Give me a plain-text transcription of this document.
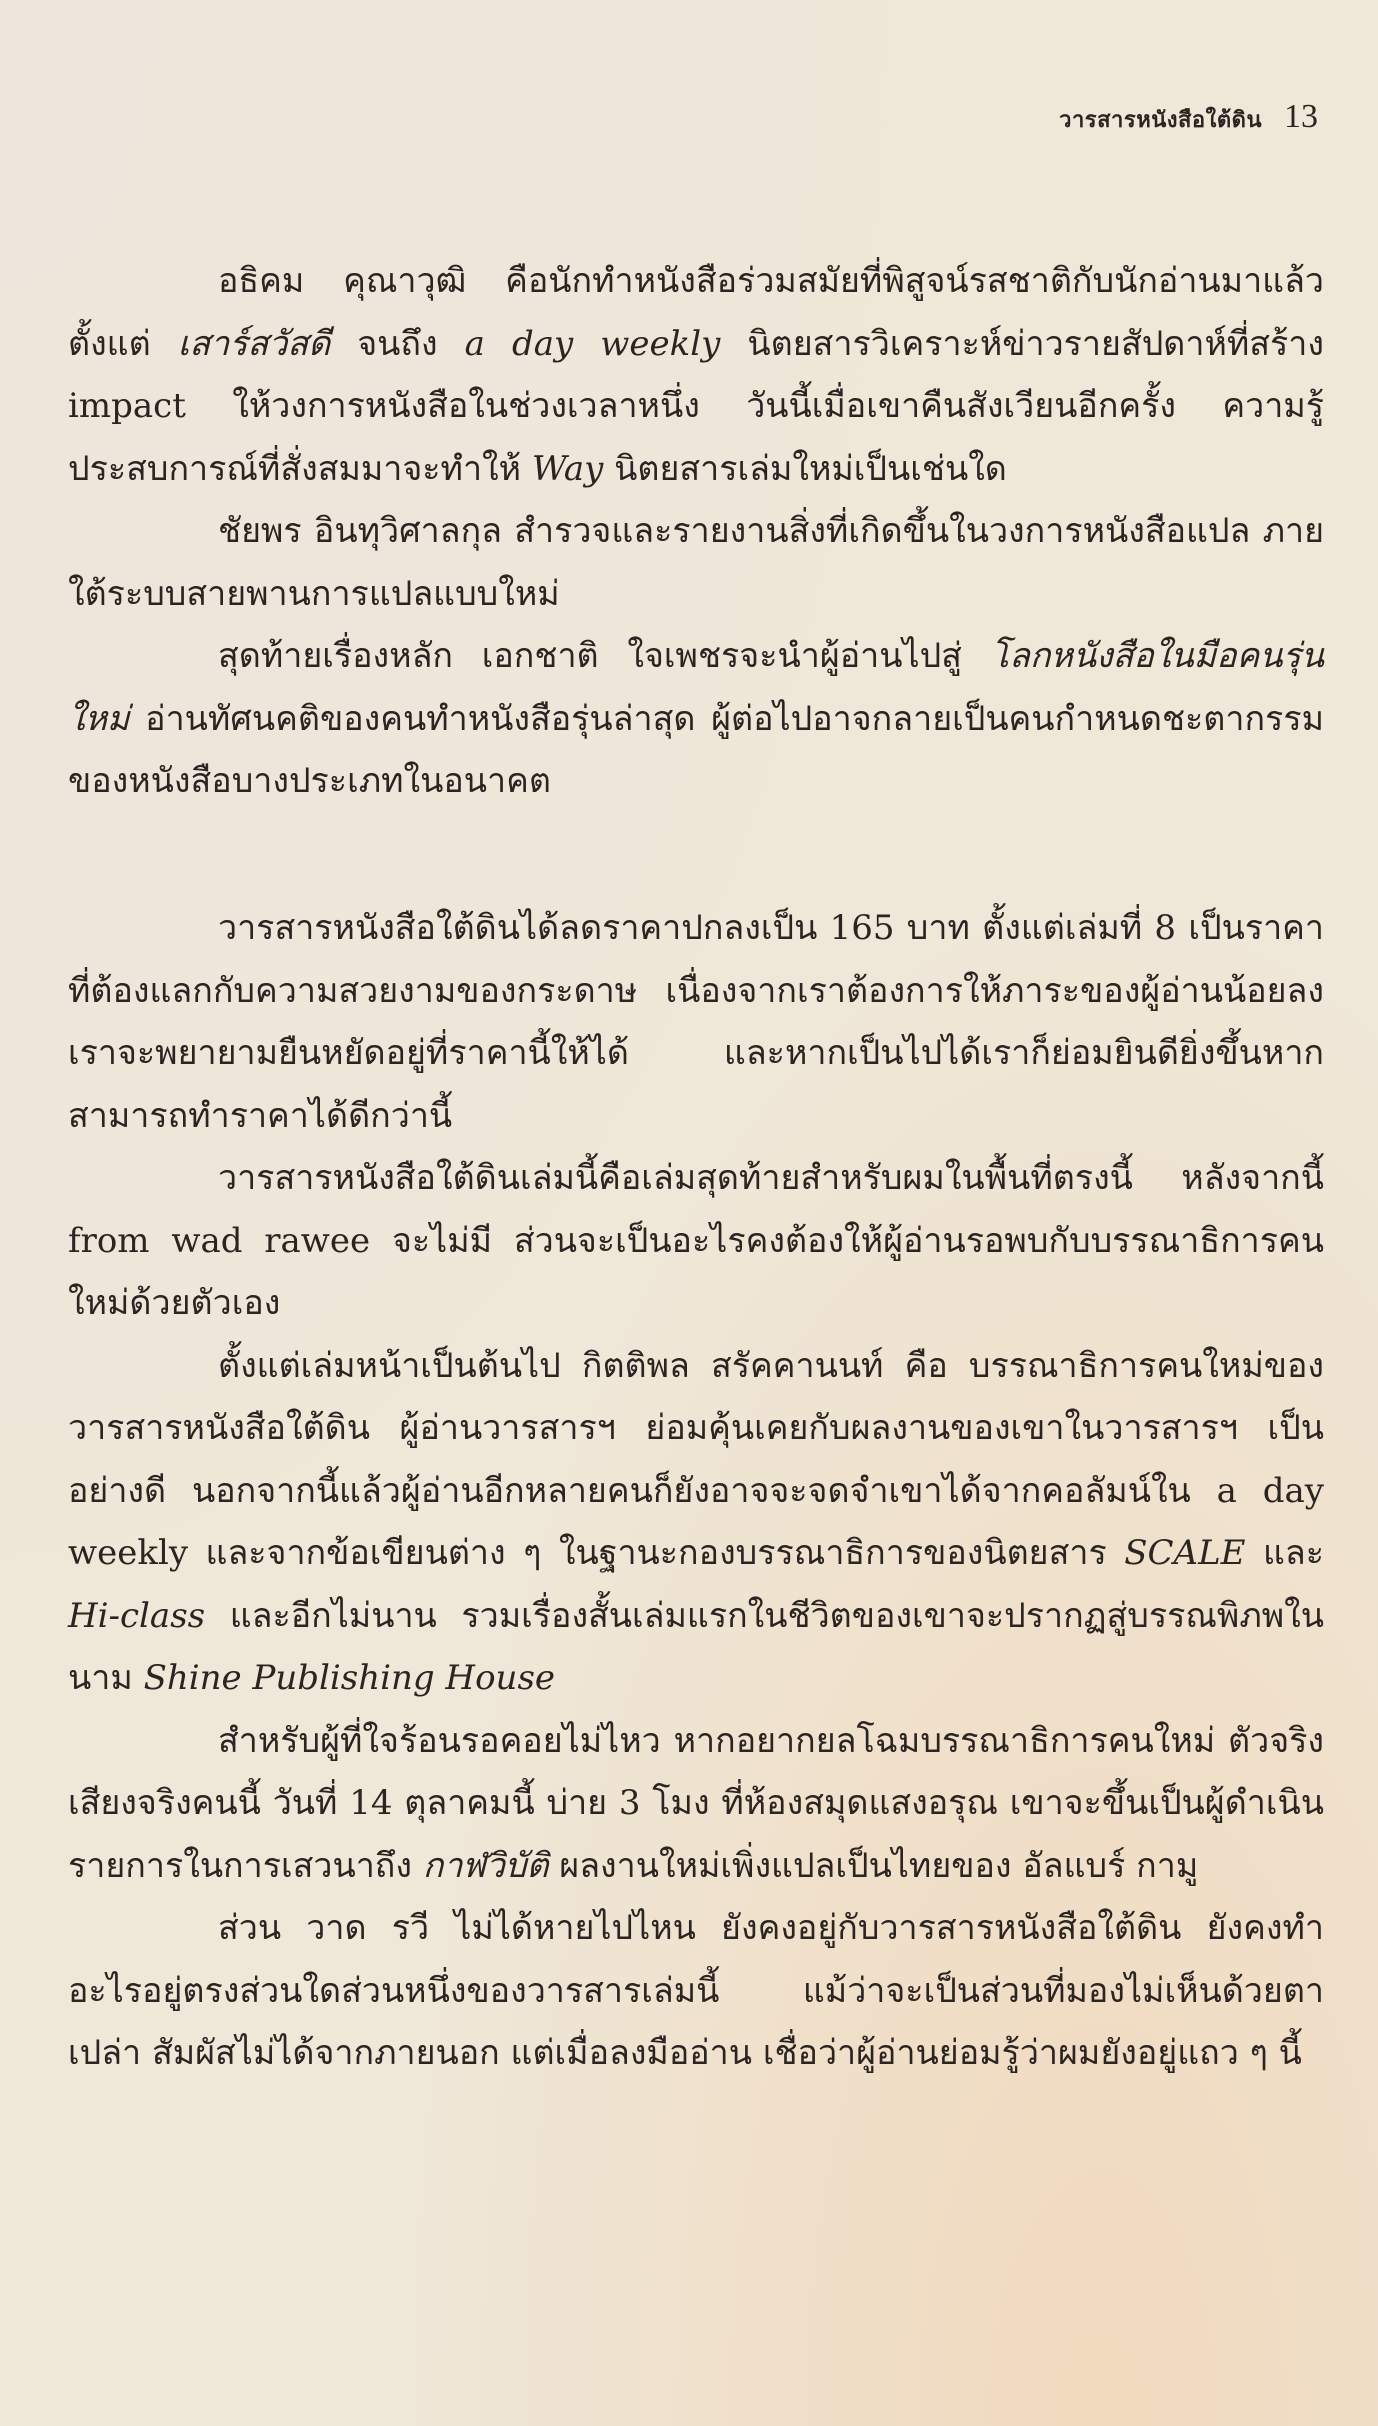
วารสารหนังสือใต้ดิน 13

อธิคม คุณาวุฒิ คือนักทำหนังสือร่วมสมัยที่พิสูจน์รสชาติกับนักอ่านมาแล้ว ตั้งแต่ เสาร์สวัสดี จนถึง a day weekly นิตยสารวิเคราะห์ข่าวรายสัปดาห์ที่สร้าง impact ให้วงการหนังสือในช่วงเวลาหนึ่ง วันนี้เมื่อเขาคืนสังเวียนอีกครั้ง ความรู้ประสบการณ์ที่สั่งสมมาจะทำให้ Way นิตยสารเล่มใหม่เป็นเช่นใด

ชัยพร อินทุวิศาลกุล สำรวจและรายงานสิ่งที่เกิดขึ้นในวงการหนังสือแปล ภายใต้ระบบสายพานการแปลแบบใหม่

สุดท้ายเรื่องหลัก เอกชาติ ใจเพชรจะนำผู้อ่านไปสู่ โลกหนังสือในมือคนรุ่นใหม่ อ่านทัศนคติของคนทำหนังสือรุ่นล่าสุด ผู้ต่อไปอาจกลายเป็นคนกำหนดชะตากรรมของหนังสือบางประเภทในอนาคต

วารสารหนังสือใต้ดินได้ลดราคาปกลงเป็น 165 บาท ตั้งแต่เล่มที่ 8 เป็นราคาที่ต้องแลกกับความสวยงามของกระดาษ เนื่องจากเราต้องการให้ภาระของผู้อ่านน้อยลง เราจะพยายามยืนหยัดอยู่ที่ราคานี้ให้ได้ และหากเป็นไปได้เราก็ย่อมยินดียิ่งขึ้นหากสามารถทำราคาได้ดีกว่านี้

วารสารหนังสือใต้ดินเล่มนี้คือเล่มสุดท้ายสำหรับผมในพื้นที่ตรงนี้ หลังจากนี้ from wad rawee จะไม่มี ส่วนจะเป็นอะไรคงต้องให้ผู้อ่านรอพบกับบรรณาธิการคนใหม่ด้วยตัวเอง

ตั้งแต่เล่มหน้าเป็นต้นไป กิตติพล สรัคคานนท์ คือ บรรณาธิการคนใหม่ของวารสารหนังสือใต้ดิน ผู้อ่านวารสารฯ ย่อมคุ้นเคยกับผลงานของเขาในวารสารฯ เป็นอย่างดี นอกจากนี้แล้วผู้อ่านอีกหลายคนก็ยังอาจจะจดจำเขาได้จากคอลัมน์ใน a day weekly และจากข้อเขียนต่าง ๆ ในฐานะกองบรรณาธิการของนิตยสาร SCALE และ Hi-class และอีกไม่นาน รวมเรื่องสั้นเล่มแรกในชีวิตของเขาจะปรากฏสู่บรรณพิภพในนาม Shine Publishing House

สำหรับผู้ที่ใจร้อนรอคอยไม่ไหว หากอยากยลโฉมบรรณาธิการคนใหม่ ตัวจริงเสียงจริงคนนี้ วันที่ 14 ตุลาคมนี้ บ่าย 3 โมง ที่ห้องสมุดแสงอรุณ เขาจะขึ้นเป็นผู้ดำเนินรายการในการเสวนาถึง กาฬวิบัติ ผลงานใหม่เพิ่งแปลเป็นไทยของ อัลแบร์ กามู

ส่วน วาด รวี ไม่ได้หายไปไหน ยังคงอยู่กับวารสารหนังสือใต้ดิน ยังคงทำอะไรอยู่ตรงส่วนใดส่วนหนึ่งของวารสารเล่มนี้ แม้ว่าจะเป็นส่วนที่มองไม่เห็นด้วยตาเปล่า สัมผัสไม่ได้จากภายนอก แต่เมื่อลงมืออ่าน เชื่อว่าผู้อ่านย่อมรู้ว่าผมยังอยู่แถว ๆ นี้
